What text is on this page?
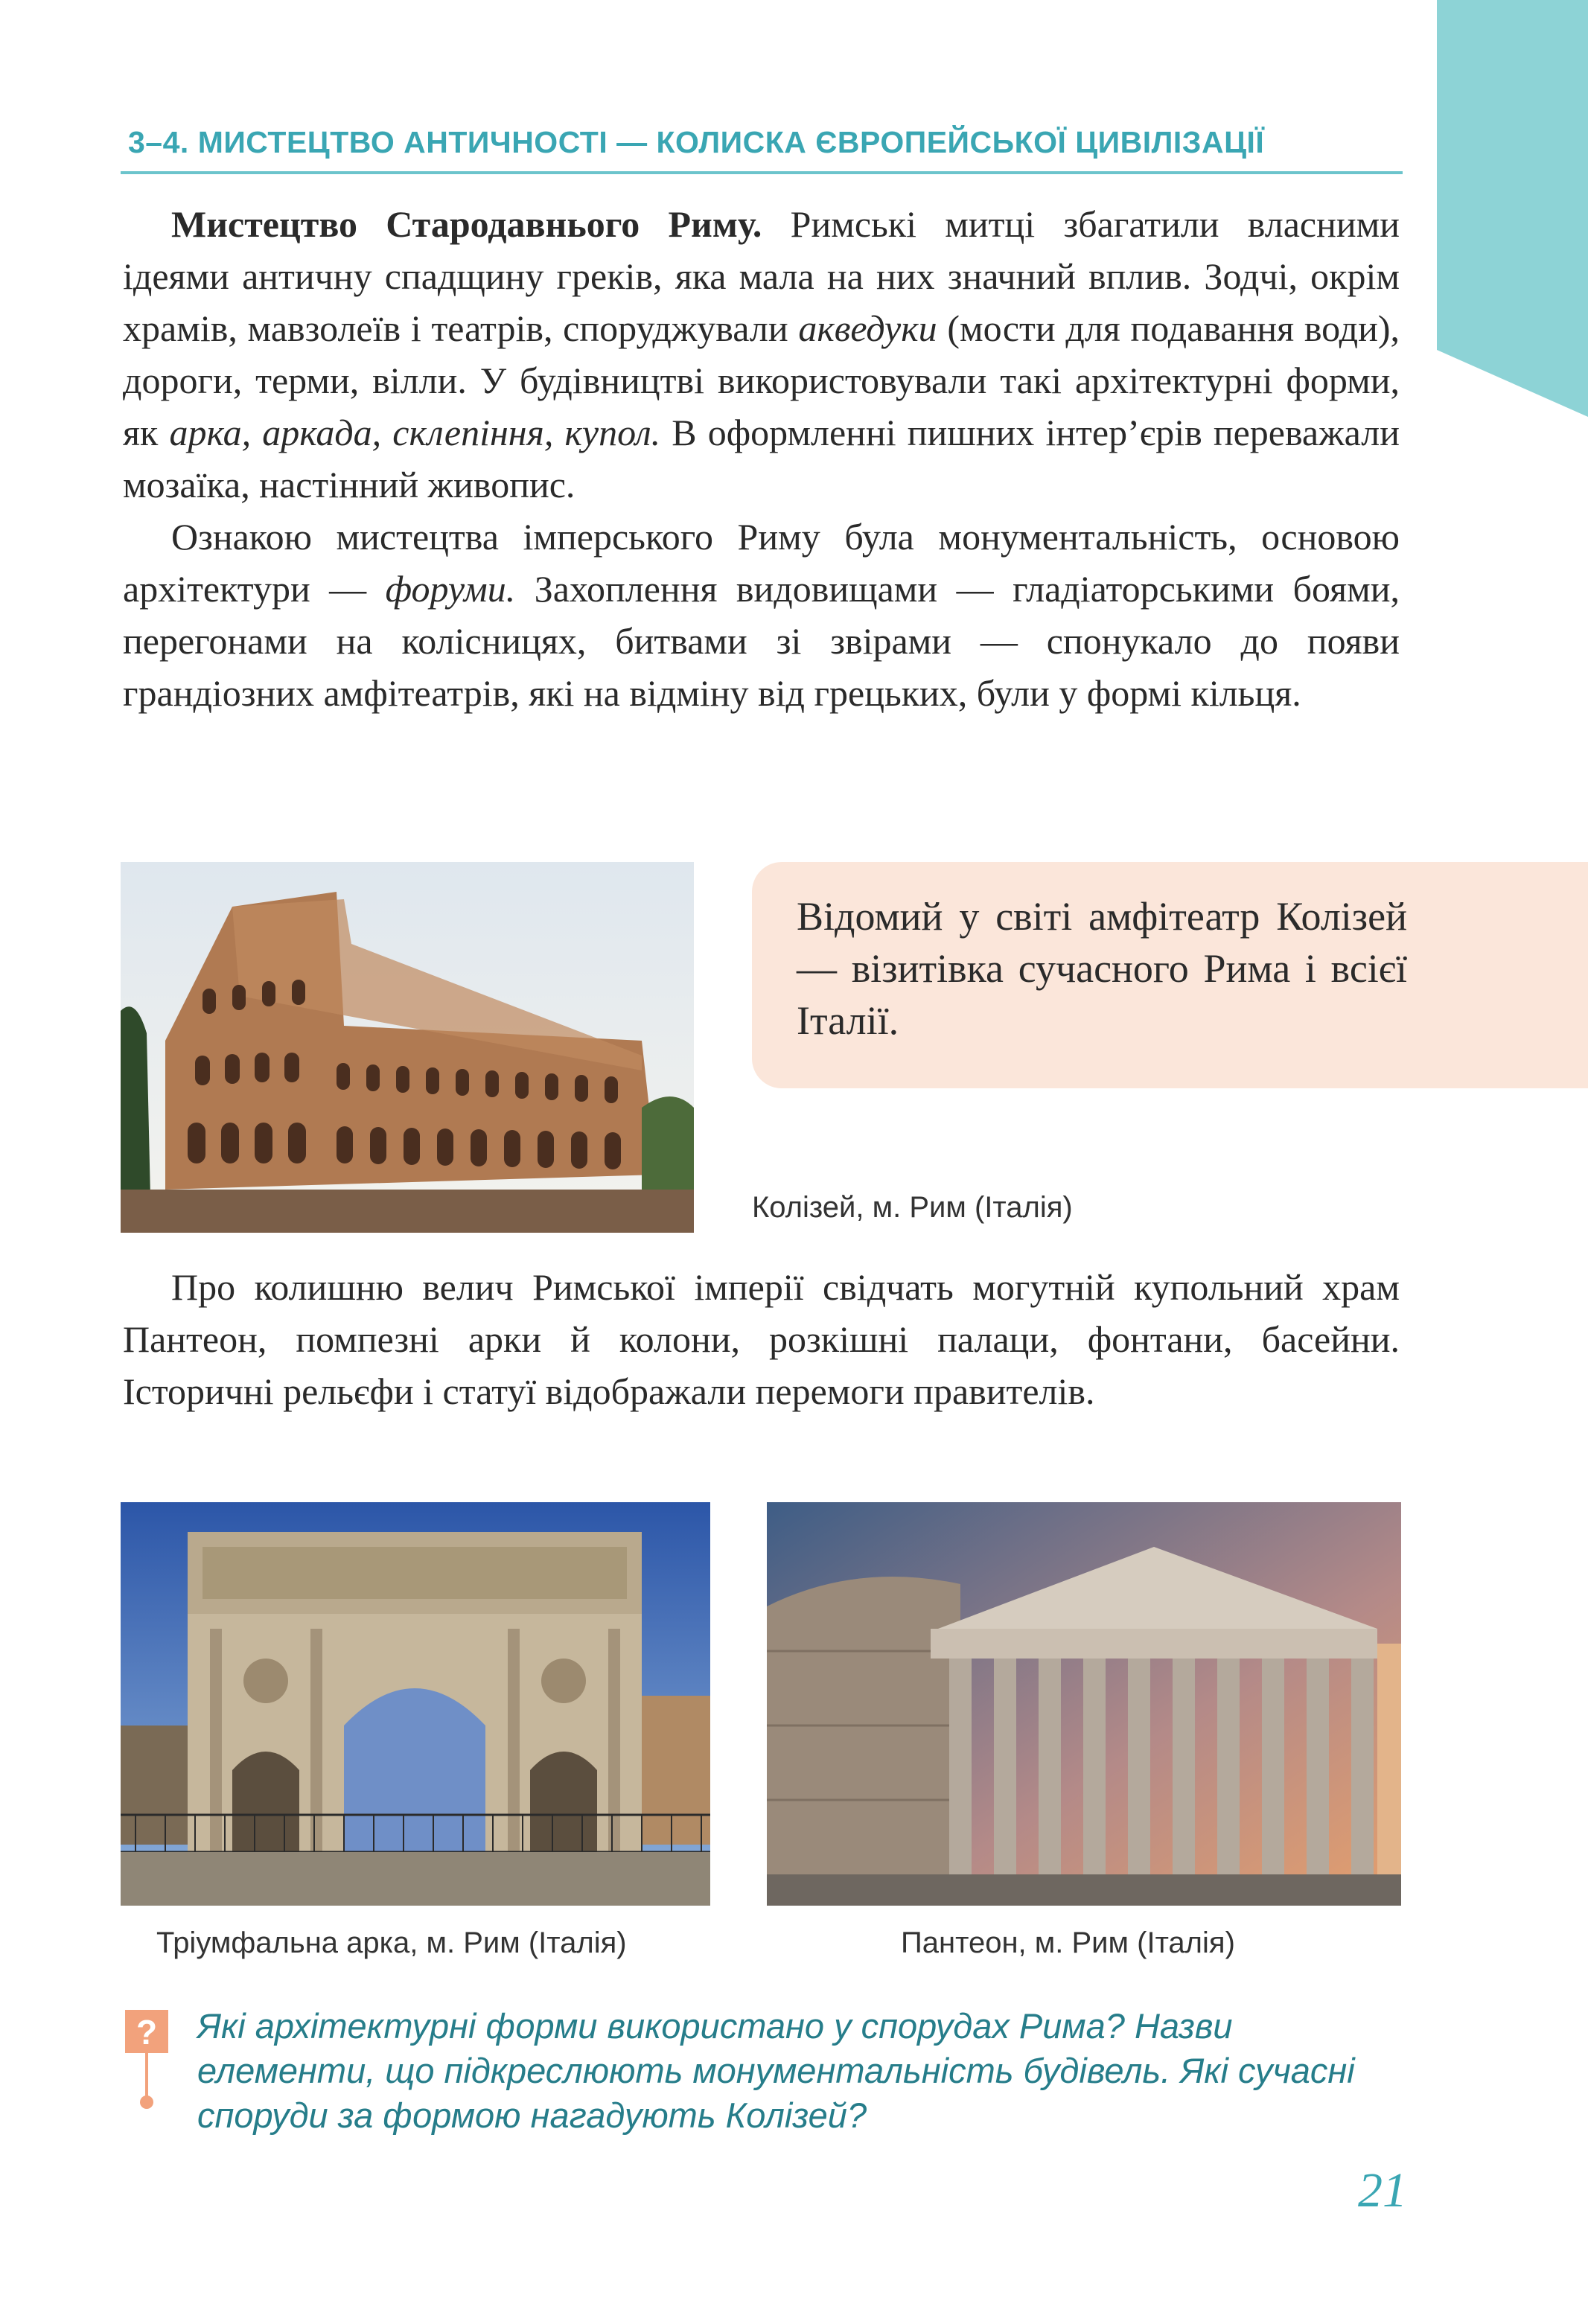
3–4. МИСТЕЦТВО АНТИЧНОСТІ — КОЛИСКА ЄВРОПЕЙСЬКОЇ ЦИВІЛІЗАЦІЇ

Мистецтво Стародавнього Риму. Римські митці збагатили власними ідеями античну спадщину греків, яка мала на них значний вплив. Зодчі, окрім храмів, мавзолеїв і театрів, споруджували акведуки (мости для подавання води), дороги, терми, вілли. У будівництві використовували такі архітектурні форми, як арка, аркада, склепіння, купол. В оформленні пишних інтер’єрів переважали мозаїка, настінний живопис.

Ознакою мистецтва імперського Риму була монументальність, основою архітектури — форуми. Захоплення видовищами — гладіаторськими боями, перегонами на колісницях, битвами зі звірами — спонукало до появи грандіозних амфітеатрів, які на відміну від грецьких, були у формі кільця.

Відомий у світі амфітеатр Колізей — візитівка сучасного Рима і всієї Італії.
Колізей, м. Рим (Італія)

Про колишню велич Римської імперії свідчать могутній купольний храм Пантеон, помпезні арки й колони, розкішні палаци, фонтани, басейни. Історичні рельєфи і статуї відображали перемоги правителів.

Тріумфальна арка, м. Рим (Італія)	Пантеон, м. Рим (Італія)
? Які архітектурні форми використано у спорудах Рима? Назви елементи, що підкреслюють монументальність будівель. Які сучасні споруди за формою нагадують Колізей?
21
